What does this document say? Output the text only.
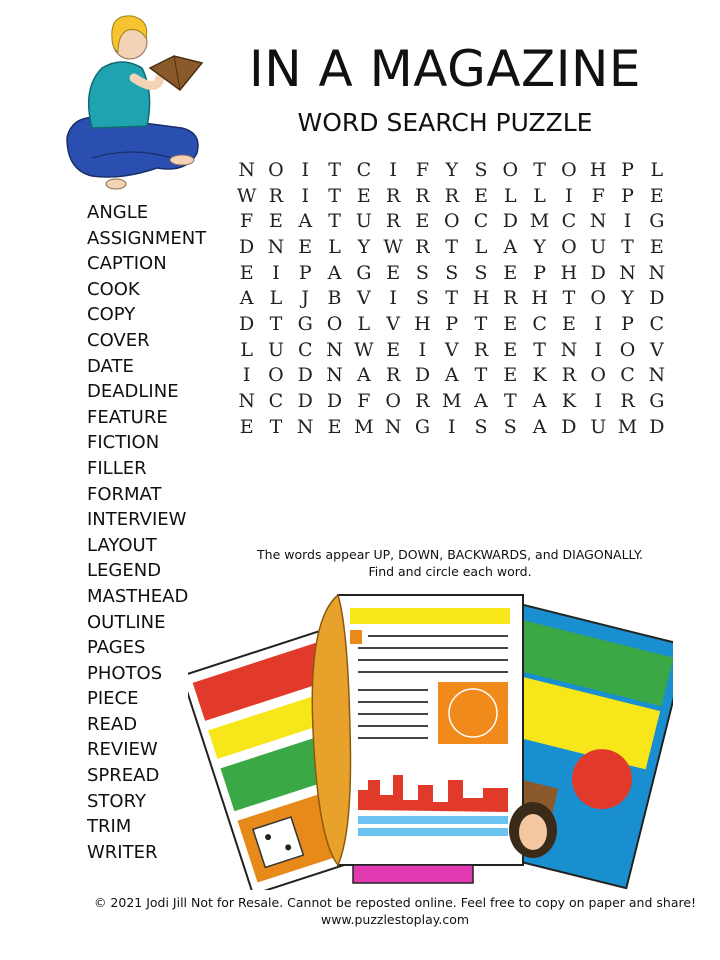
IN A MAGAZINE
WORD SEARCH PUZZLE
N O I	T C I F Y S O T O H P L
W R I	T E R R R E L L	I F P E
F E A T U R E O C D M C N I G
D N E L Y W R T L A Y O U T E
E I	P A G E S S S E P H D N N
A L	J B V I	S T H R H T O Y D
D T G O L V H P T E C E I	P C
L U C N W E I V R E T N I O V
I O D N A R D A T E K R O C N
N C D D F O R M A T A K I R G
E T N E M N G I	S S A D U M D
ANGLE
ASSIGNMENT
CAPTION
COOK
COPY
COVER
DATE
DEADLINE
FEATURE
FICTION
FILLER
FORMAT
INTERVIEW
LAYOUT
LEGEND
MASTHEAD
OUTLINE
PAGES
PHOTOS
PIECE
READ
REVIEW
SPREAD
STORY
TRIM
WRITER
The words appear UP, DOWN, BACKWARDS, and DIAGONALLY.
Find and circle each word.
© 2021 Jodi Jill Not for Resale. Cannot be reposted online. Feel free to copy on paper and share!
www.puzzlestoplay.com
